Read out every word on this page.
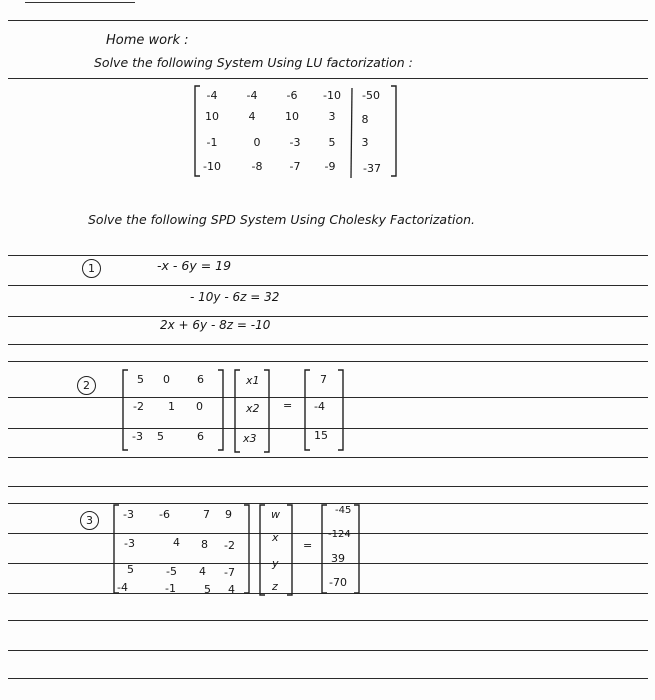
Home work :
Solve the following System Using LU factorization :
-4	-4	-6	-10	-50
10	4	10	3	8
-1	0	-3	5	3
-10	-8	-7	-9	-37
Solve the following SPD System Using Cholesky Factorization.
1	-x - 6y = 19
- 10y - 6z = 32
2x + 6y - 8z = -10
2	5 0 6
-2 1 0
-3 5	6
x1
x2
x3
=
7
-4
15
3	-3 -6	7 9
-3	4 8 -2
5	-5 4 -7
-4	-1	5 4
w
x
y
z
=
-45
-124
39
-70
